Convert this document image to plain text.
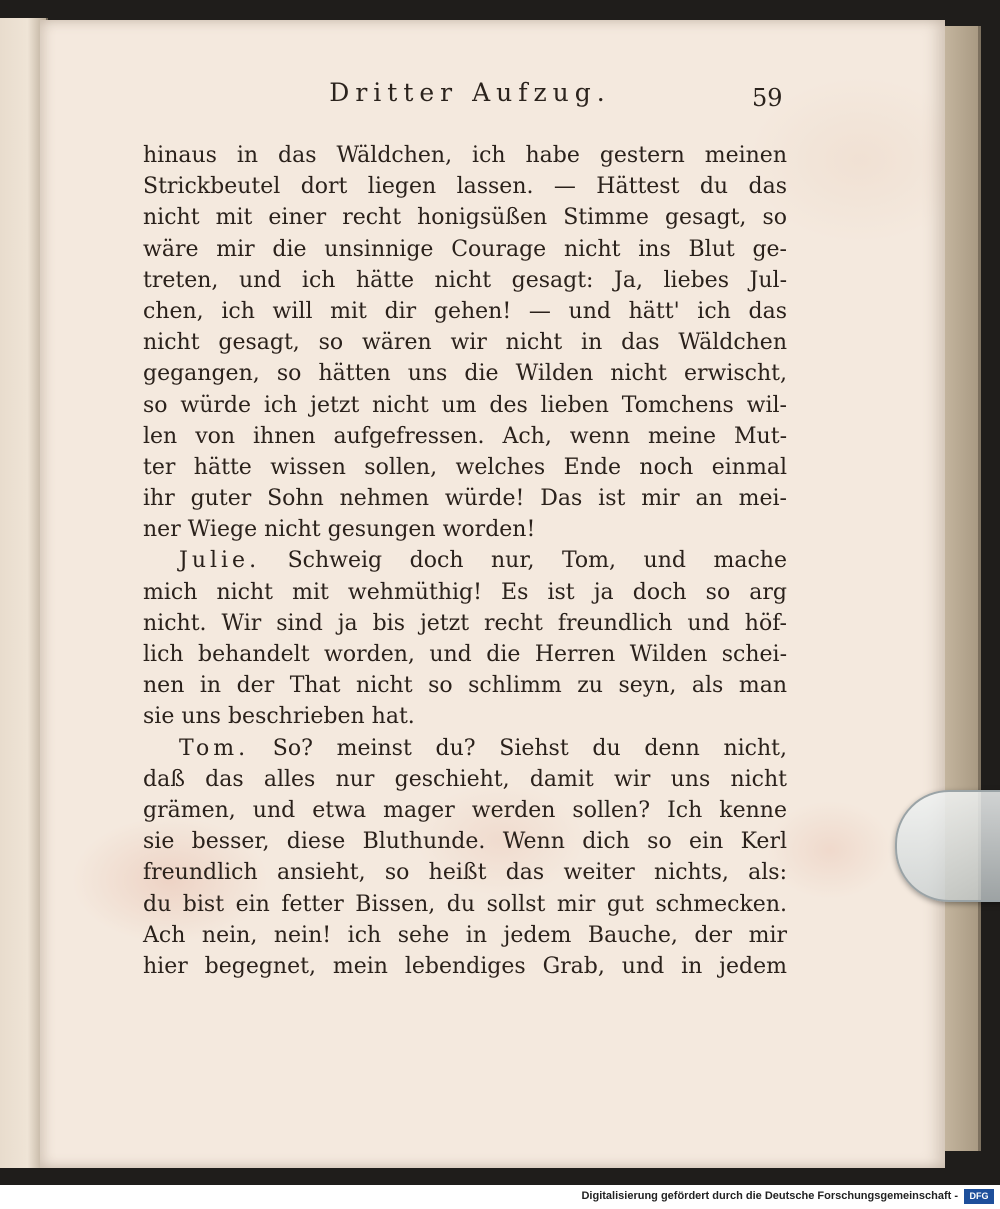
Dritter Aufzug.	59
hinaus in das Wäldchen, ich habe gestern meinen
Strickbeutel dort liegen lassen. — Hättest du das
nicht mit einer recht honigsüßen Stimme gesagt, so
wäre mir die unsinnige Courage nicht ins Blut ge-
treten, und ich hätte nicht gesagt: Ja, liebes Jul-
chen, ich will mit dir gehen! — und hätt' ich das
nicht gesagt, so wären wir nicht in das Wäldchen
gegangen, so hätten uns die Wilden nicht erwischt,
so würde ich jetzt nicht um des lieben Tomchens wil-
len von ihnen aufgefressen. Ach, wenn meine Mut-
ter hätte wissen sollen, welches Ende noch einmal
ihr guter Sohn nehmen würde! Das ist mir an mei-
ner Wiege nicht gesungen worden!
Julie. Schweig doch nur, Tom, und mache
mich nicht mit wehmüthig! Es ist ja doch so arg
nicht. Wir sind ja bis jetzt recht freundlich und höf-
lich behandelt worden, und die Herren Wilden schei-
nen in der That nicht so schlimm zu seyn, als man
sie uns beschrieben hat.
Tom. So? meinst du? Siehst du denn nicht,
daß das alles nur geschieht, damit wir uns nicht
grämen, und etwa mager werden sollen? Ich kenne
sie besser, diese Bluthunde. Wenn dich so ein Kerl
freundlich ansieht, so heißt das weiter nichts, als:
du bist ein fetter Bissen, du sollst mir gut schmecken.
Ach nein, nein! ich sehe in jedem Bauche, der mir
hier begegnet, mein lebendiges Grab, und in jedem
Digitalisierung gefördert durch die Deutsche Forschungsgemeinschaft -	DFG
